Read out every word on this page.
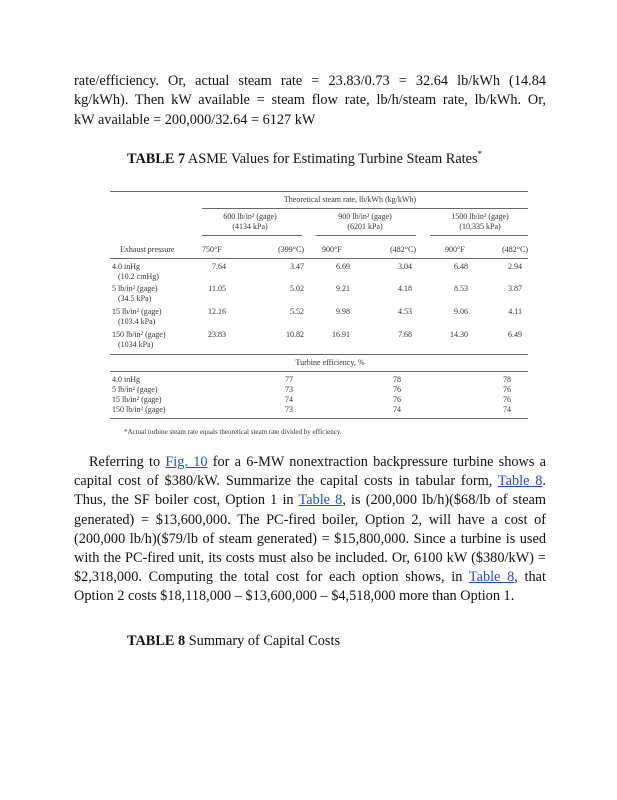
rate/efficiency. Or, actual steam rate = 23.83/0.73 = 32.64 lb/kWh (14.84

kg/kWh). Then kW available = steam flow rate, lb/h/steam rate, lb/kWh. Or,

kW available = 200,000/32.64 = 6127 kW

TABLE 7 ASME Values for Estimating Turbine Steam Rates*
Theoretical steam rate, lb/kWh (kg/kWh)
600 lb/in² (gage)
(4134 kPa)
900 lb/in² (gage)
(6201 kPa)
1500 lb/in² (gage)
(10,335 kPa)
Exhaust pressure	750°F	(399°C) 900°F	(482°C)	900°F	(482°C)
4.0 inHg
(10.2 cmHg)
7.64	3.47	6.69	3.04	6.48	2.94
5 lb/in² (gage)
(34.5 kPa)
11.05	5.02	9.21	4.18	8.53	3.87
15 lb/in² (gage)
(103.4 kPa)
12.16	5.52	9.98	4.53	9.06	4.11
150 lb/in² (gage)
(1034 kPa)
23.83	10.82	16.91	7.68	14.30	6.49
Turbine efficiency, %
4.0 inHg	77	78	78
5 lb/in² (gage)	73	76	76
15 lb/in² (gage)	74	76	76
150 lb/in² (gage)	73	74	74
*Actual turbine steam rate equals theoretical steam rate divided by efficiency.

Referring to Fig. 10 for a 6-MW nonextraction backpressure turbine shows a capital cost of $380/kW. Summarize the capital costs in tabular form, Table 8. Thus, the SF boiler cost, Option 1 in Table 8, is (200,000 lb/h)($68/lb of steam generated) = $13,600,000. The PC-fired boiler, Option 2, will have a cost of (200,000 lb/h)($79/lb of steam generated) = $15,800,000. Since a turbine is used with the PC-fired unit, its costs must also be included. Or, 6100 kW ($380/kW) = $2,318,000. Computing the total cost for each option shows, in Table 8, that Option 2 costs $18,118,000 – $13,600,000 – $4,518,000 more than Option 1.

TABLE 8 Summary of Capital Costs
